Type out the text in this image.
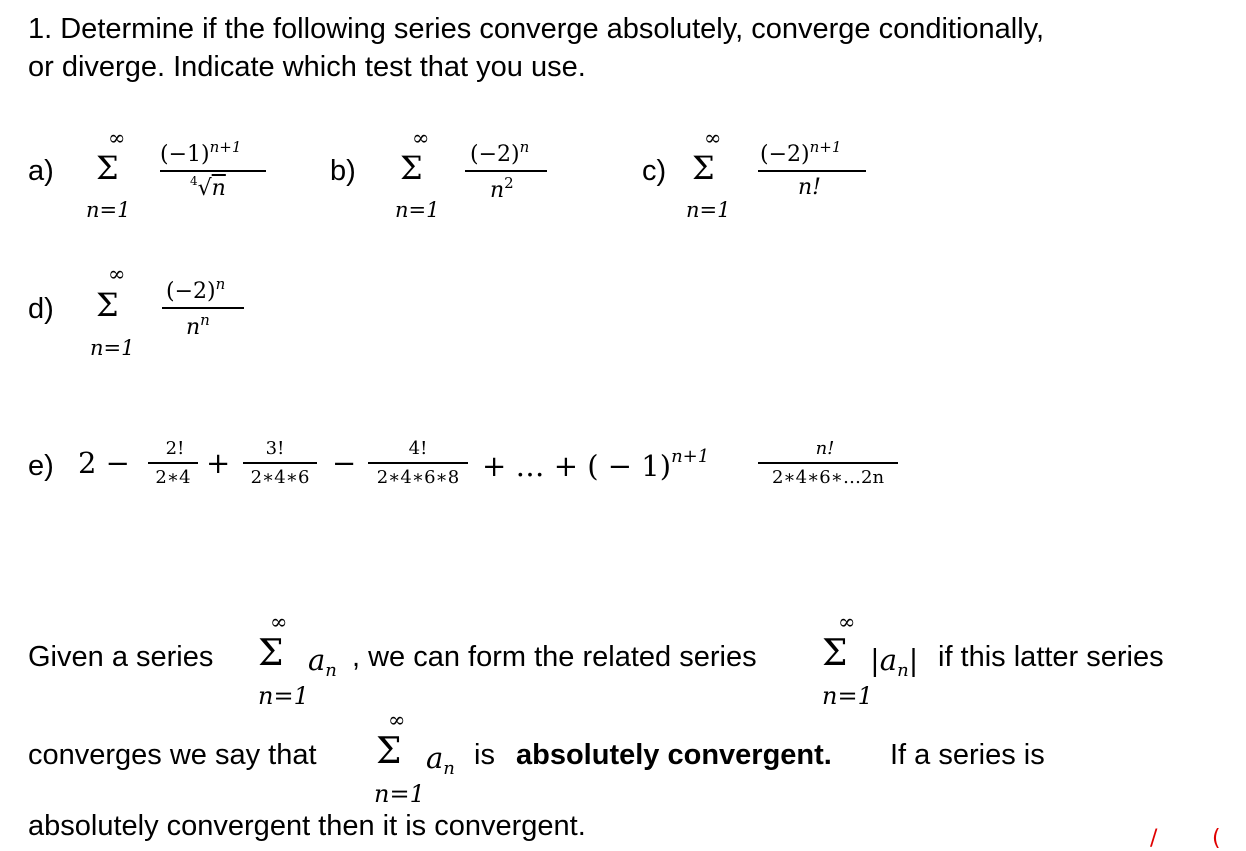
1. Determine if the following series converge absolutely, converge conditionally,
or diverge. Indicate which test that you use.
a)
∞
Σ
n=1
$(-1)^{n+1}$
$^4$√n
b)
∞
Σ
n=1
$(-2)^n$
$n^2$	c)
∞
Σ
n=1
$(-2)^{n+1}$
n!
d)
∞
Σ
n=1
$(-2)^n$
$n^n$
e) 2 −	2!
2∗4 +	3!
2∗4∗6 −	4!
2∗4∗6∗8 + … + ( − 1)$^{n+1}$	n!
2∗4∗6∗…2n
Given a series
∞
Σ
n=1
$a_n$ , we can form the related series
∞
Σ
n=1
$|a_n|$ if this latter series
converges we say that
∞
Σ
n=1
$a_n$ is absolutely convergent. If a series is
absolutely convergent then it is convergent.	/ (
